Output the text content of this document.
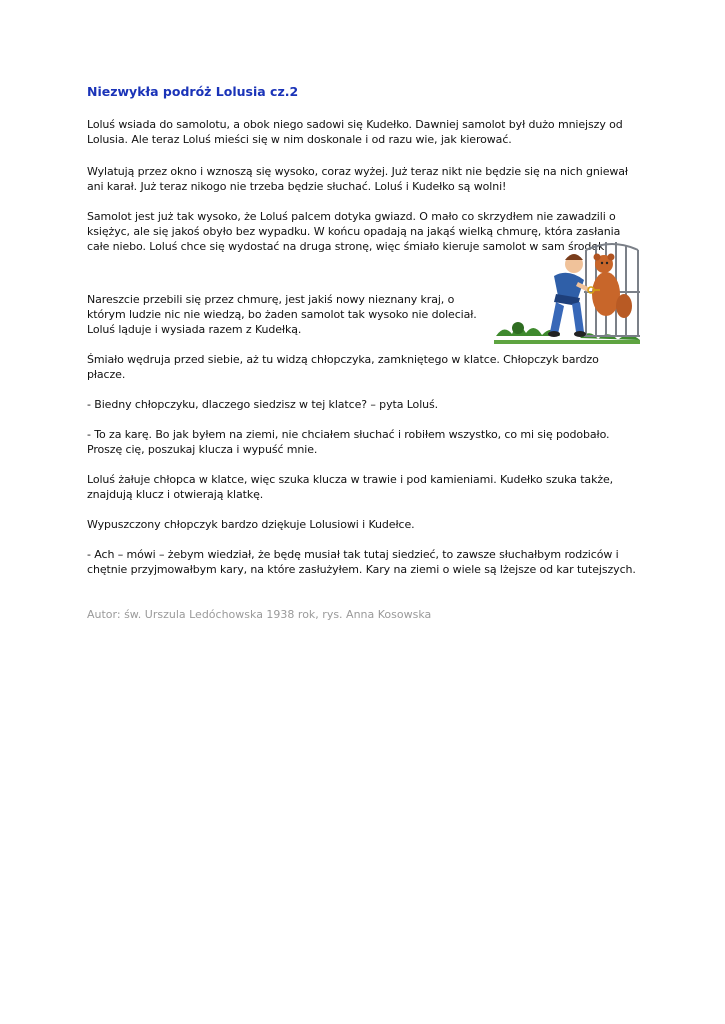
Niezwykła podróż Lolusia cz.2

Loluś wsiada do samolotu, a obok niego sadowi się Kudełko. Dawniej samolot był dużo mniejszy od Lolusia. Ale teraz Loluś mieści się w nim doskonale i od razu wie, jak kierować.

Wylatują przez okno i wznoszą się wysoko, coraz wyżej. Już teraz nikt nie będzie się na nich gniewał ani karał. Już teraz nikogo nie trzeba będzie słuchać. Loluś i Kudełko są wolni!

Samolot jest już tak wysoko, że Loluś palcem dotyka gwiazd. O mało co skrzydłem nie zawadzili o księżyc, ale się jakoś obyło bez wypadku. W końcu opadają na jakąś wielką chmurę, która zasłania całe niebo. Loluś chce się wydostać na druga stronę, więc śmiało kieruje samolot w sam środek.

Nareszcie przebili się przez chmurę, jest jakiś nowy nieznany kraj, o którym ludzie nic nie wiedzą, bo żaden samolot tak wysoko nie doleciał. Loluś ląduje i wysiada razem z Kudełką.

Śmiało wędruja przed siebie, aż tu widzą chłopczyka, zamkniętego w klatce. Chłopczyk bardzo płacze.

- Biedny chłopczyku, dlaczego siedzisz w tej klatce? – pyta Loluś.

- To za karę. Bo jak byłem na ziemi, nie chciałem słuchać i robiłem wszystko, co mi się podobało. Proszę cię, poszukaj klucza i wypuść mnie.

Loluś żałuje chłopca w klatce, więc szuka klucza w trawie i pod kamieniami. Kudełko szuka także, znajdują klucz i otwierają klatkę.

Wypuszczony chłopczyk bardzo dziękuje Lolusiowi i Kudełce.

- Ach – mówi – żebym wiedział, że będę musiał tak tutaj siedzieć, to zawsze słuchałbym rodziców i chętnie przyjmowałbym kary, na które zasłużyłem. Kary na ziemi o wiele są lżejsze od kar tutejszych.

Autor: św. Urszula Ledóchowska 1938 rok, rys. Anna Kosowska
